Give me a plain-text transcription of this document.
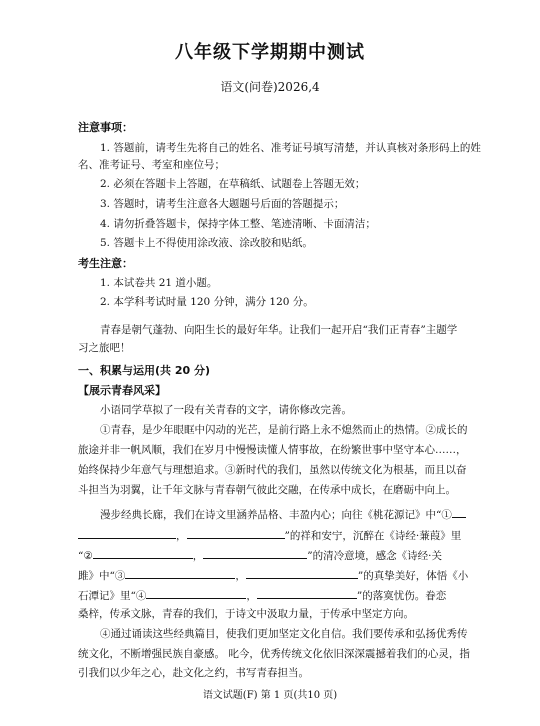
八年级下学期期中测试
语文(问卷)2026,4
注意事项：
1. 答题前，请考生先将自己的姓名、准考证号填写清楚，并认真核对条形码上的姓
名、准考证号、考室和座位号；
2. 必须在答题卡上答题，在草稿纸、试题卷上答题无效；
3. 答题时，请考生注意各大题题号后面的答题提示；
4. 请勿折叠答题卡，保持字体工整、笔迹清晰、卡面清洁；
5. 答题卡上不得使用涂改液、涂改胶和贴纸。
考生注意：
1. 本试卷共 21 道小题。
2. 本学科考试时量 120 分钟，满分 120 分。
青春是朝气蓬勃、向阳生长的最好年华。让我们一起开启“我们正青春”主题学
习之旅吧！
一、积累与运用(共 20 分)
【展示青春风采】
小语同学草拟了一段有关青春的文字，请你修改完善。
①青春，是少年眼眶中闪动的光芒，是前行路上永不熄然而止的热情。②成长的
旅途并非一帆风顺，我们在岁月中慢慢读懂人情事故，在纷繁世事中坚守本心……，
始终保持少年意气与理想追求。③新时代的我们，虽然以传统文化为根基，而且以奋
斗担当为羽翼，让千年文脉与青春朝气彼此交融，在传承中成长，在磨砺中向上。
漫步经典长廊，我们在诗文里涵养品格、丰盈内心；向往《桃花源记》中“①
，	”的祥和安宁，沉醉在《诗经·蒹葭》里
“②	，	”的清冷意境，感念《诗经·关
雎》中“③	，	”的真挚美好，体悟《小
石潭记》里“④	，	”的落寞忧伤。眷恋
桑梓，传承文脉，青春的我们，于诗文中汲取力量，于传承中坚定方向。
④通过诵读这些经典篇目，使我们更加坚定文化自信。我们要传承和弘扬优秀传
统文化，不断增强民族自豪感。 叱今，优秀传统文化依旧深深震撼着我们的心灵，指
引我们以少年之心，赴文化之约，书写青春担当。
语文试题(F) 第 1 页(共10 页)
